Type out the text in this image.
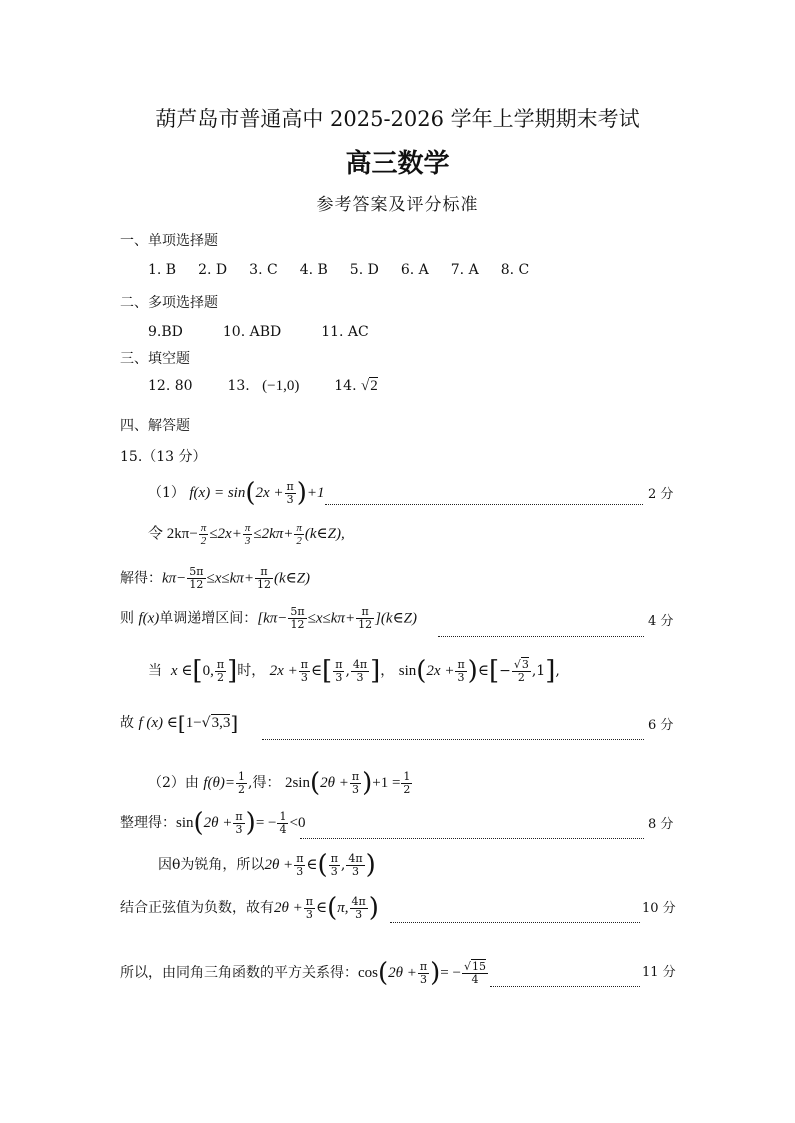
葫芦岛市普通高中 2025-2026 学年上学期期末考试
高三数学
参考答案及评分标准
一、单项选择题
1. B 2. D 3. C 4. B 5. D 6. A 7. A 8. C
二、多项选择题
9.BD	10. ABD	11. AC
三、填空题
12. 80 13. (−1,0) 14. √2
四、解答题
15.（13 分）
（1） $f(x) = \sin(2x + \frac{\pi}{3} )+1$	2 分
令 $2k\pi- \frac{\pi}{2} \le 2x+ \frac{\pi}{3} \le 2k\pi+ \frac{\pi}{2}$ (k∈Z),
解得：$k\pi- \frac{5\pi}{12} \le x\le k\pi+ \frac{\pi}{12}$ (k∈Z)
则 f(x)单调递增区间：[$k\pi- \frac{5\pi}{12} \le x\le k\pi+ \frac{\pi}{12}$ ](k∈Z)	4 分
当 x ∈[0, $\frac{\pi}{2}$ ]时， $2x + \frac{\pi}{3}$ ∈[ $\frac{\pi}{3}$ , $\frac{4\pi}{3}$ ]， $\sin(2x + \frac{\pi}{3}$ )∈[− $\frac{√3}{2} ,1$],
故 f (x) ∈[1−√3,3]	6 分
（2）由 $f(\theta)= \frac{1}{2}$ ,得： $2\sin(2\theta + \frac{\pi}{3} )+1 = \frac{1}{2}$
整理得：$\sin(2\theta + \frac{\pi}{3}$ )= − $\frac{1}{4} <0$	8 分
因θ为锐角，所以$2\theta + \frac{\pi}{3}$ ∈( $\frac{\pi}{3}$ , $\frac{4\pi}{3}$ )
结合正弦值为负数，故有$2\theta + \frac{\pi}{3}$ ∈(π, $\frac{4\pi}{3}$ )	10 分
所以，由同角三角函数的平方关系得：$\cos(2\theta + \frac{\pi}{3}$ )= − $\frac{√15}{4}$	11 分
